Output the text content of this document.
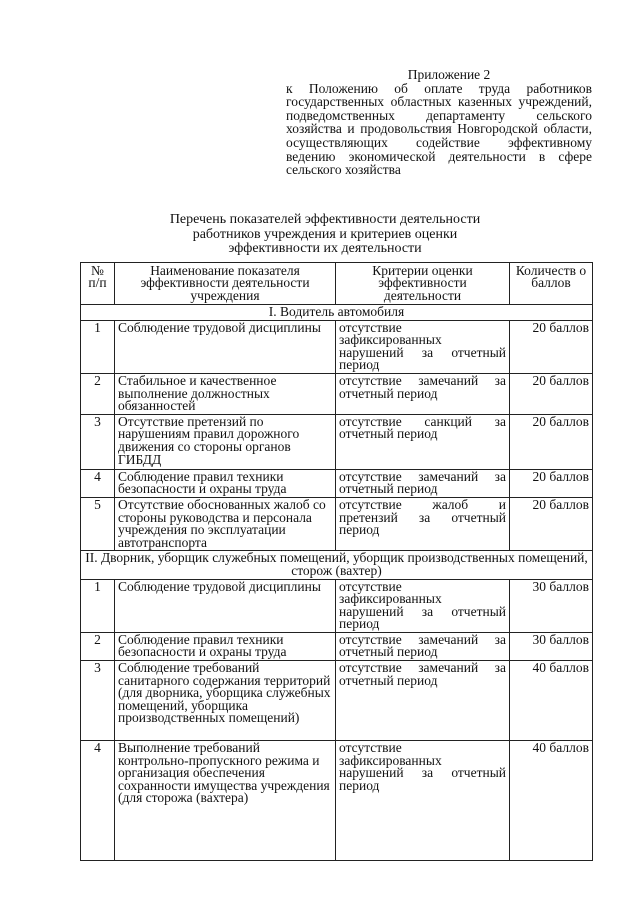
Приложение 2
к Положению об оплате труда работников государственных областных казенных учреждений, подведомственных департаменту сельского хозяйства и продовольствия Новгородской области, осуществляющих содействие эффективному ведению экономической деятельности в сфере сельского хозяйства
Перечень показателей эффективности деятельности
работников учреждения и критериев оценки
эффективности их деятельности
№ п/п	Наименование показателя эффективности деятельности учреждения	Критерии оценки эффективности деятельности	Количеств о баллов
I. Водитель автомобиля			
1	Соблюдение трудовой дисциплины	отсутствие зафиксированных нарушений за отчетный период	20 баллов
2	Стабильное и качественное выполнение должностных обязанностей	отсутствие замечаний за отчетный период	20 баллов
3	Отсутствие претензий по нарушениям правил дорожного движения со стороны органов ГИБДД	отсутствие санкций за отчетный период	20 баллов
4	Соблюдение правил техники безопасности и охраны труда	отсутствие замечаний за отчетный период	20 баллов
5	Отсутствие обоснованных жалоб со стороны руководства и персонала учреждения по эксплуатации автотранспорта	отсутствие жалоб и претензий за отчетный период	20 баллов
II. Дворник, уборщик служебных помещений, уборщик производственных помещений, сторож (вахтер)			
1	Соблюдение трудовой дисциплины	отсутствие зафиксированных нарушений за отчетный период	30 баллов
2	Соблюдение правил техники безопасности и охраны труда	отсутствие замечаний за отчетный период	30 баллов
3	Соблюдение требований санитарного содержания территорий (для дворника, уборщика служебных помещений, уборщика производственных помещений)	отсутствие замечаний за отчетный период	40 баллов
4	Выполнение требований контрольно-пропускного режима и организация обеспечения сохранности имущества учреждения (для сторожа (вахтера)	отсутствие зафиксированных нарушений за отчетный период	40 баллов
